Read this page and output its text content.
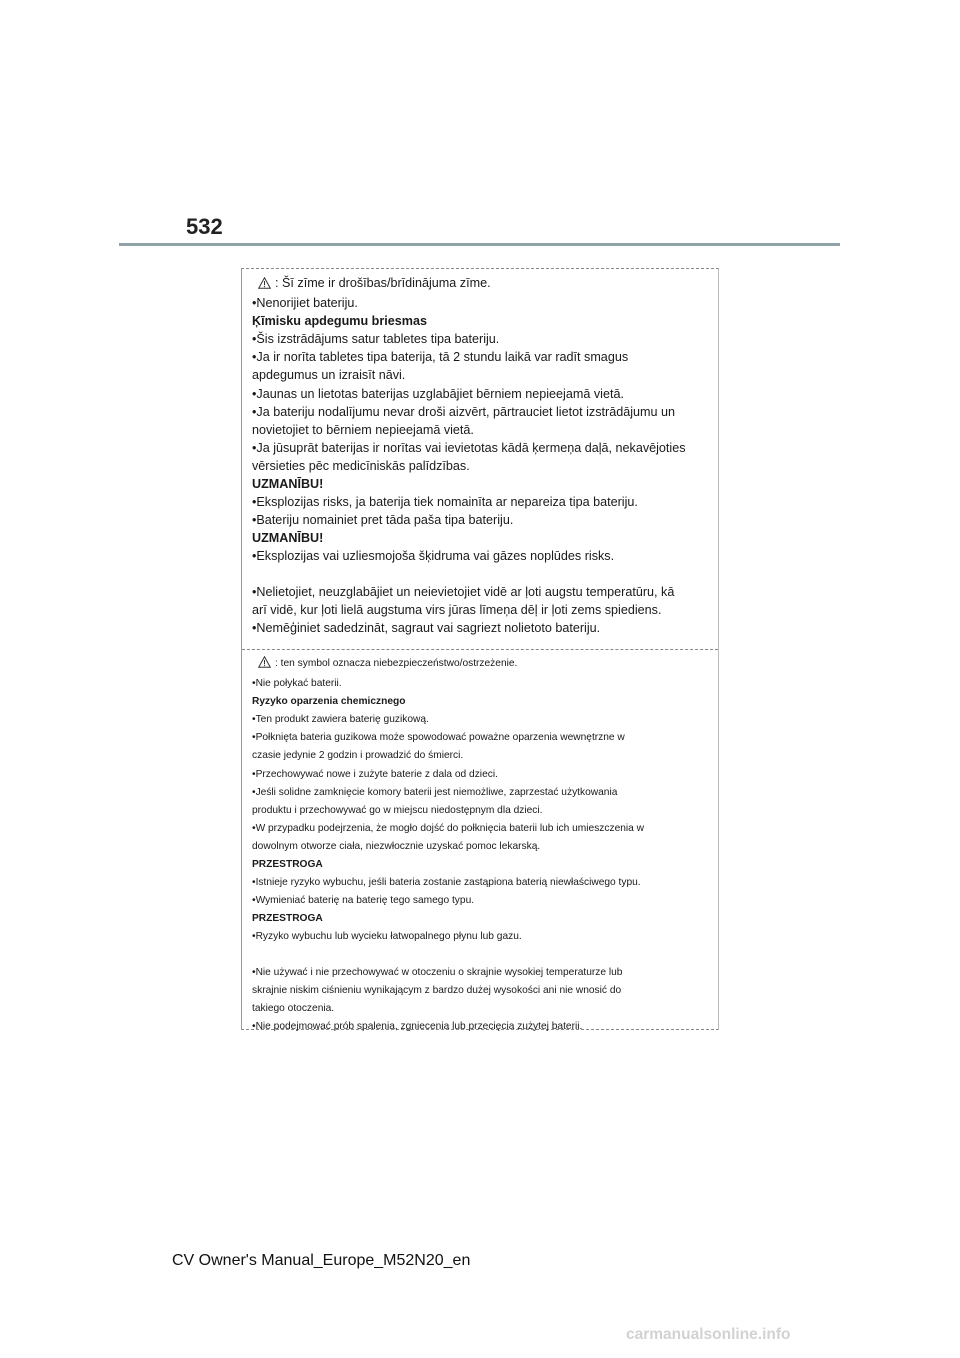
532
: Šī zīme ir drošības/brīdinājuma zīme.
•Nenorijiet bateriju.
Ķīmisku apdegumu briesmas
•Šis izstrādājums satur tabletes tipa bateriju.
•Ja ir norīta tabletes tipa baterija, tā 2 stundu laikā var radīt smagus
apdegumus un izraisīt nāvi.
•Jaunas un lietotas baterijas uzglabājiet bērniem nepieejamā vietā.
•Ja bateriju nodalījumu nevar droši aizvērt, pārtrauciet lietot izstrādājumu un
novietojiet to bērniem nepieejamā vietā.
•Ja jūsuprāt baterijas ir norītas vai ievietotas kādā ķermeņa daļā, nekavējoties
vērsieties pēc medicīniskās palīdzības.
UZMANĪBU!
•Eksplozijas risks, ja baterija tiek nomainīta ar nepareiza tipa bateriju.
•Bateriju nomainiet pret tāda paša tipa bateriju.
UZMANĪBU!
•Eksplozijas vai uzliesmojoša šķidruma vai gāzes noplūdes risks.
•Nelietojiet, neuzglabājiet un neievietojiet vidē ar ļoti augstu temperatūru, kā
arī vidē, kur ļoti lielā augstuma virs jūras līmeņa dēļ ir ļoti zems spiediens.
•Nemēģiniet sadedzināt, sagraut vai sagriezt nolietoto bateriju.
: ten symbol oznacza niebezpieczeństwo/ostrzeżenie.
•Nie połykać baterii.
Ryzyko oparzenia chemicznego
•Ten produkt zawiera baterię guzikową.
•Połknięta bateria guzikowa może spowodować poważne oparzenia wewnętrzne w
czasie jedynie 2 godzin i prowadzić do śmierci.
•Przechowywać nowe i zużyte baterie z dala od dzieci.
•Jeśli solidne zamknięcie komory baterii jest niemożliwe, zaprzestać użytkowania
produktu i przechowywać go w miejscu niedostępnym dla dzieci.
•W przypadku podejrzenia, że mogło dojść do połknięcia baterii lub ich umieszczenia w
dowolnym otworze ciała, niezwłocznie uzyskać pomoc lekarską.
PRZESTROGA
•Istnieje ryzyko wybuchu, jeśli bateria zostanie zastąpiona baterią niewłaściwego typu.
•Wymieniać baterię na baterię tego samego typu.
PRZESTROGA
•Ryzyko wybuchu lub wycieku łatwopalnego płynu lub gazu.
•Nie używać i nie przechowywać w otoczeniu o skrajnie wysokiej temperaturze lub
skrajnie niskim ciśnieniu wynikającym z bardzo dużej wysokości ani nie wnosić do
takiego otoczenia.
•Nie podejmować prób spalenia, zgniecenia lub przecięcia zużytej baterii.
CV Owner's Manual_Europe_M52N20_en
carmanualsonline.info
